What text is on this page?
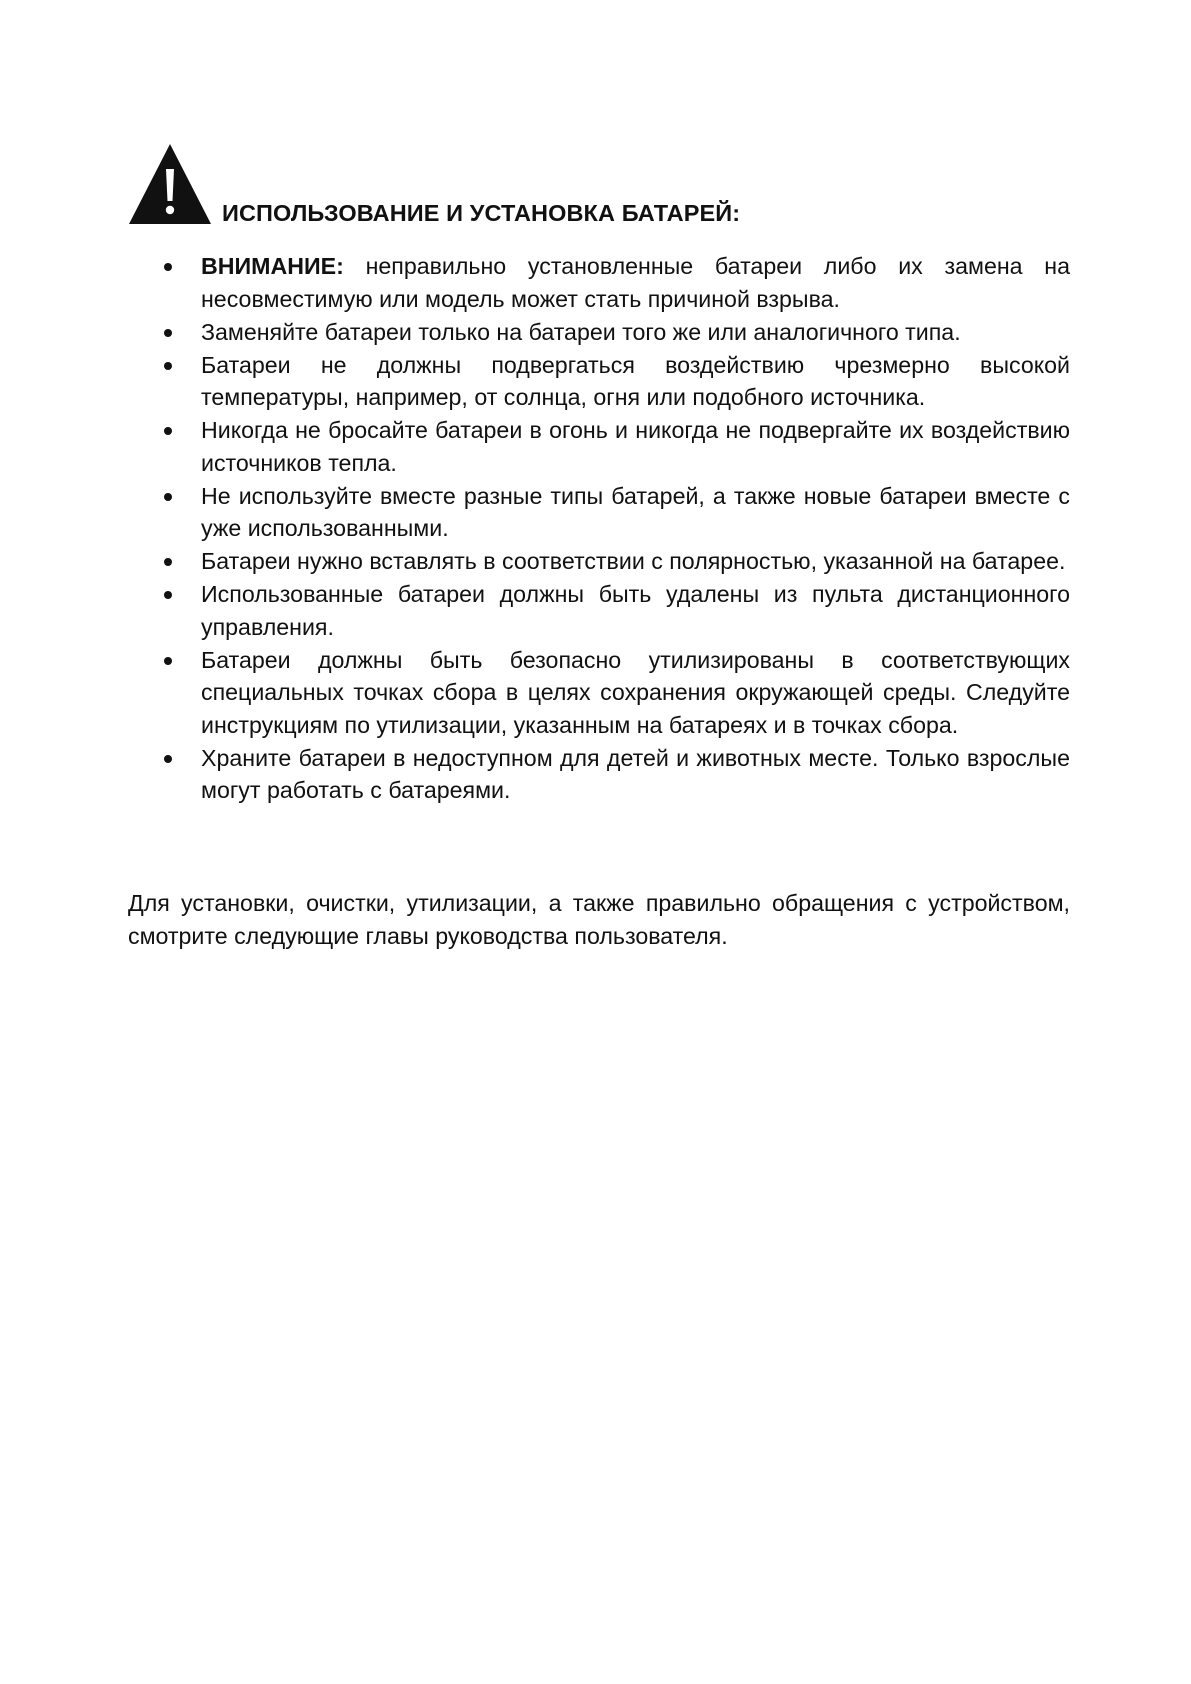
ИСПОЛЬЗОВАНИЕ И УСТАНОВКА БАТАРЕЙ:
ВНИМАНИЕ: неправильно установленные батареи либо их замена на несовместимую или модель может стать причиной взрыва.
Заменяйте батареи только на батареи того же или аналогичного типа.
Батареи не должны подвергаться воздействию чрезмерно высокой температуры, например, от солнца, огня или подобного источника.
Никогда не бросайте батареи в огонь и никогда не подвергайте их воздействию источников тепла.
Не используйте вместе разные типы батарей, а также новые батареи вместе с уже использованными.
Батареи нужно вставлять в соответствии с полярностью, указанной на батарее.
Использованные батареи должны быть удалены из пульта дистанционного управления.
Батареи должны быть безопасно утилизированы в соответствующих специальных точках сбора в целях сохранения окружающей среды. Следуйте инструкциям по утилизации, указанным на батареях и в точках сбора.
Храните батареи в недоступном для детей и животных месте. Только взрослые могут работать с батареями.

Для установки, очистки, утилизации, а также правильно обращения с устройством, смотрите следующие главы руководства пользователя.
